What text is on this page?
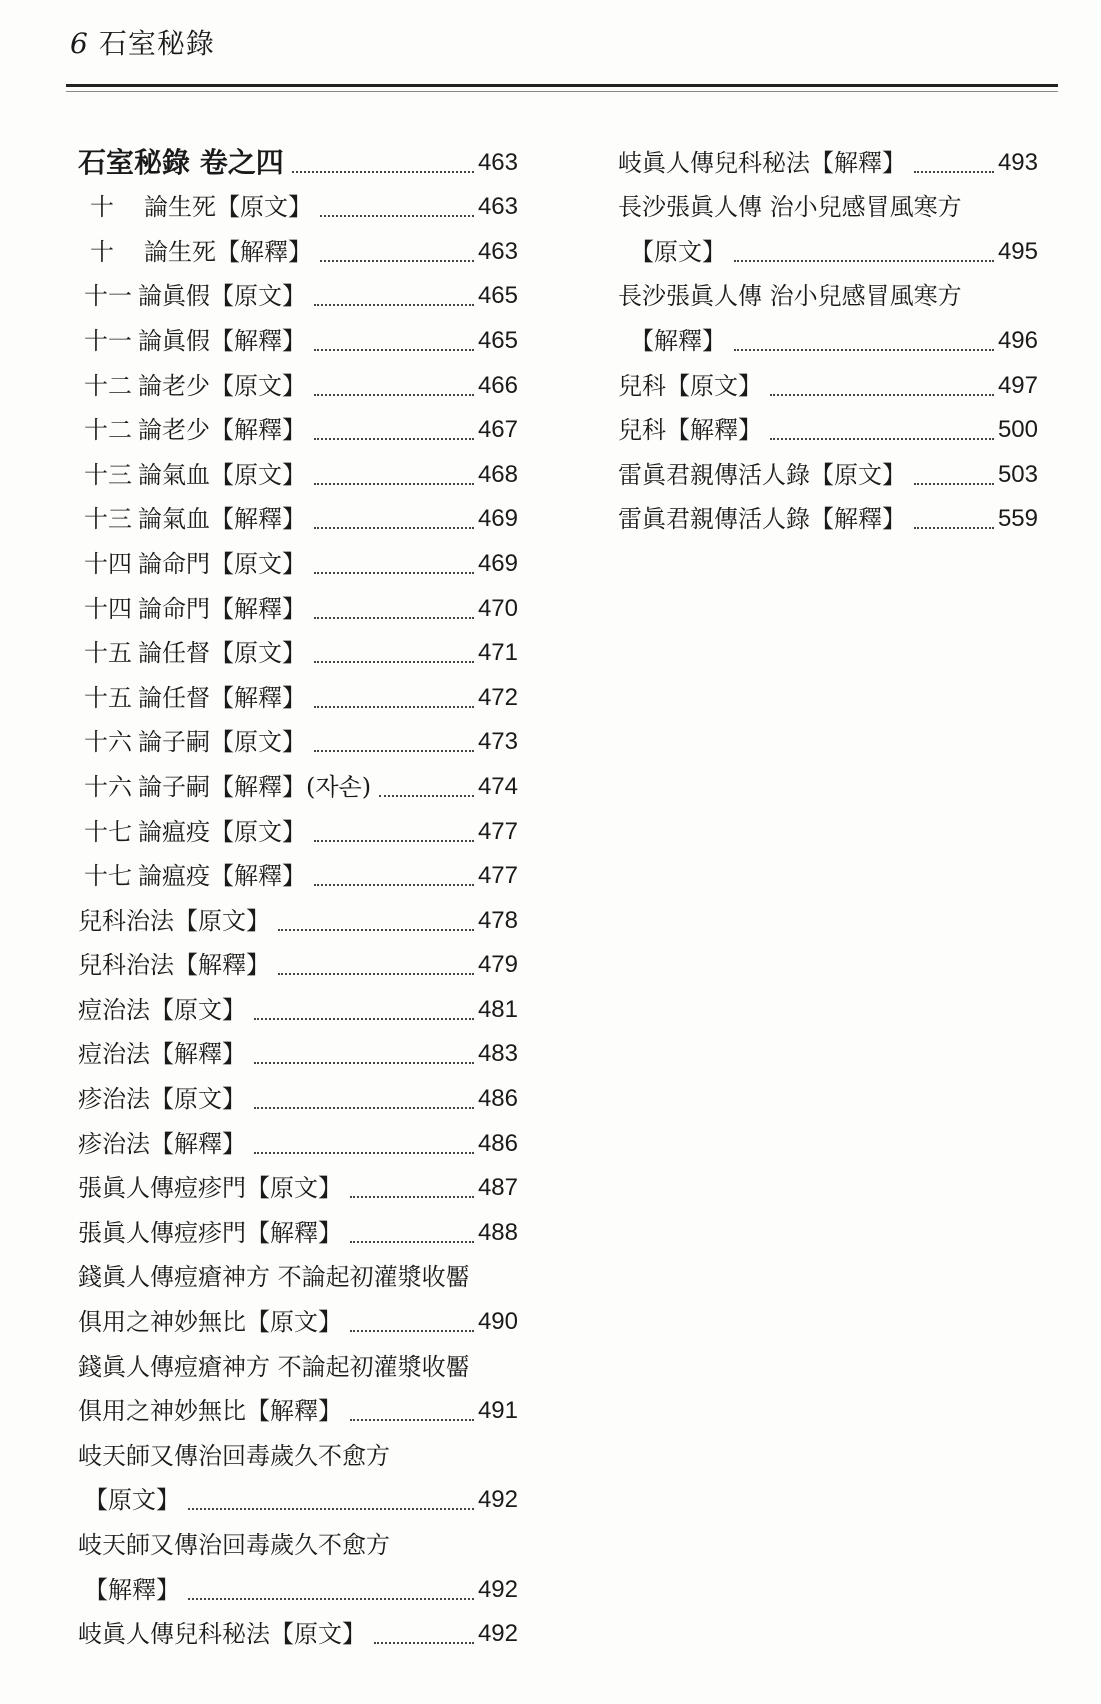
6 石室秘錄
石室秘錄 卷之四	463
十	論生死【原文】	463
十	論生死【解釋】	463
十一 論眞假【原文】	465
十一 論眞假【解釋】	465
十二 論老少【原文】	466
十二 論老少【解釋】	467
十三 論氣血【原文】	468
十三 論氣血【解釋】	469
十四 論命門【原文】	469
十四 論命門【解釋】	470
十五 論任督【原文】	471
十五 論任督【解釋】	472
十六 論子嗣【原文】	473
十六 論子嗣【解釋】(자손)	474
十七 論瘟疫【原文】	477
十七 論瘟疫【解釋】	477
兒科治法【原文】	478
兒科治法【解釋】	479
痘治法【原文】	481
痘治法【解釋】	483
疹治法【原文】	486
疹治法【解釋】	486
張眞人傳痘疹門【原文】	487
張眞人傳痘疹門【解釋】	488
錢眞人傳痘瘡神方 不論起初灌漿收靨
俱用之神妙無比【原文】	490
錢眞人傳痘瘡神方 不論起初灌漿收靨
俱用之神妙無比【解釋】	491
岐天師又傳治回毒歲久不愈方
【原文】	492
岐天師又傳治回毒歲久不愈方
【解釋】	492
岐眞人傳兒科秘法【原文】	492
岐眞人傳兒科秘法【解釋】	493
長沙張眞人傳 治小兒感冒風寒方
【原文】	495
長沙張眞人傳 治小兒感冒風寒方
【解釋】	496
兒科【原文】	497
兒科【解釋】	500
雷眞君親傳活人錄【原文】	503
雷眞君親傳活人錄【解釋】	559
